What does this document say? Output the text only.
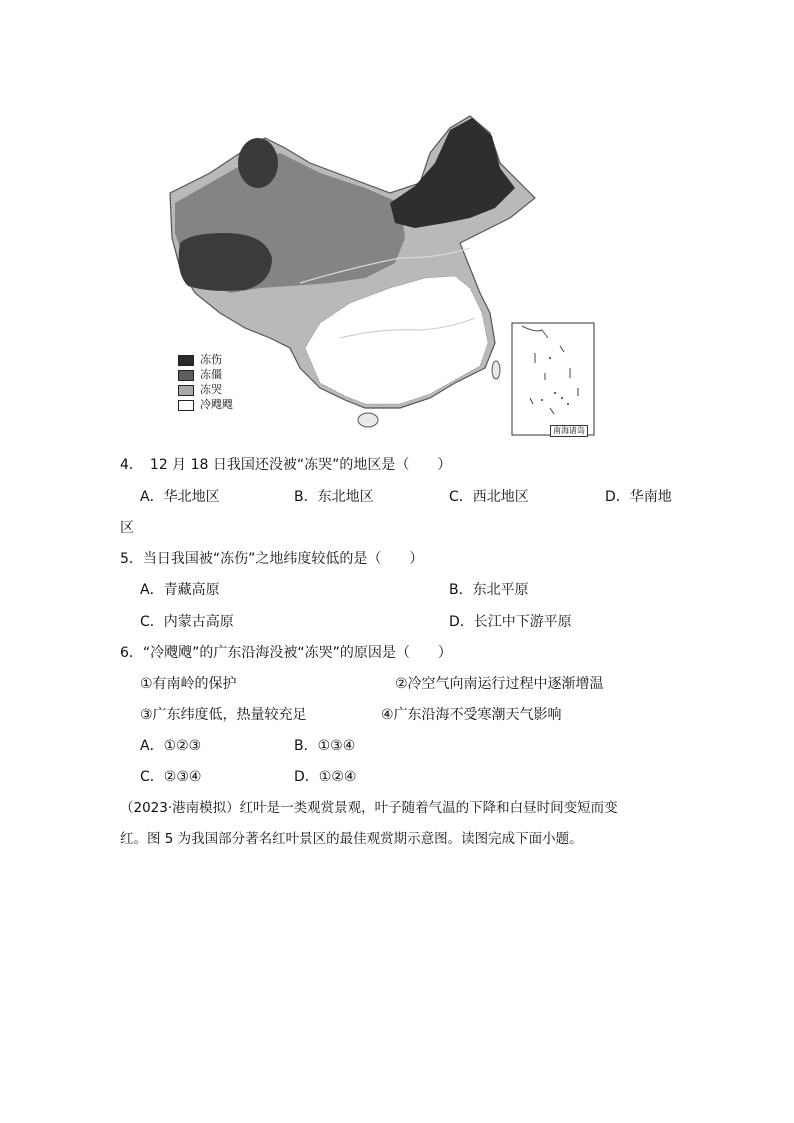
冻伤
冻僵
冻哭
冷飕飕
南海诸岛
4．　12 月 18 日我国还没被“冻哭”的地区是（　　）
A．华北地区	B．东北地区	C．西北地区	D．华南地
区
5．当日我国被“冻伤”之地纬度较低的是（　　）
A．青藏高原	B．东北平原
C．内蒙古高原	D．长江中下游平原
6．“冷飕飕”的广东沿海没被“冻哭”的原因是（　　）
①有南岭的保护	②冷空气向南运行过程中逐渐增温
③广东纬度低，热量较充足	④广东沿海不受寒潮天气影响
A．①②③	B．①③④
C．②③④	D．①②④
（2023·港南模拟）红叶是一类观赏景观，叶子随着气温的下降和白昼时间变短而变
红。图 5 为我国部分著名红叶景区的最佳观赏期示意图。读图完成下面小题。
